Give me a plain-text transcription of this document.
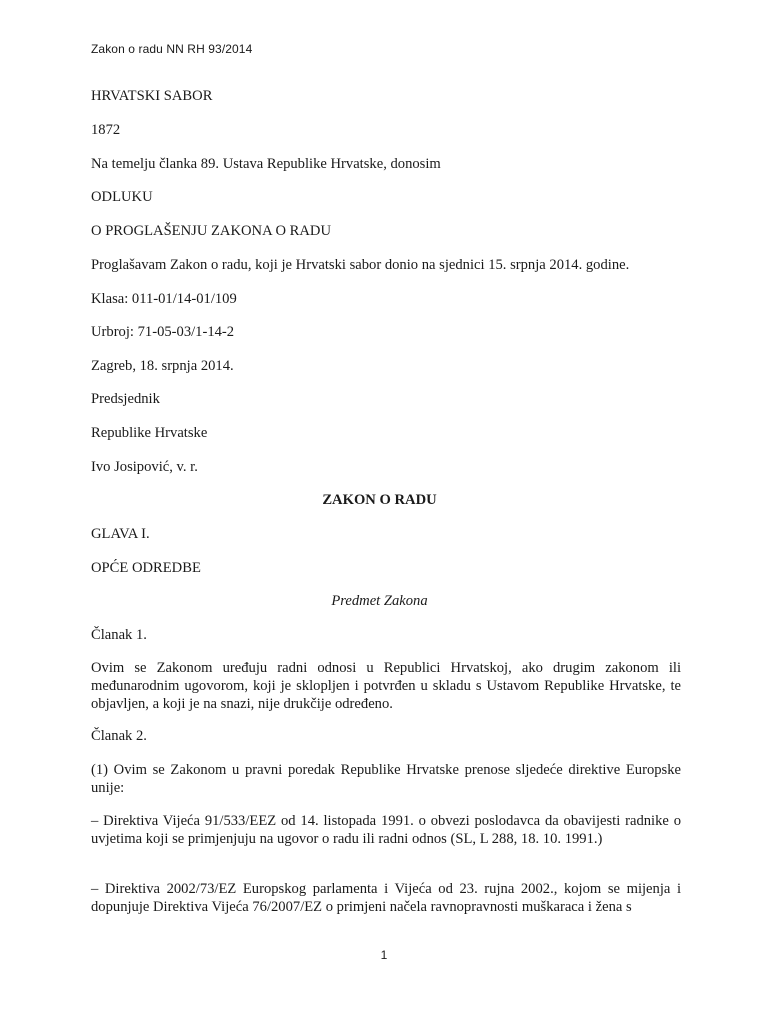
Zakon o radu NN RH 93/2014
HRVATSKI SABOR
1872
Na temelju članka 89. Ustava Republike Hrvatske, donosim
ODLUKU
O PROGLAŠENJU ZAKONA O RADU
Proglašavam Zakon o radu, koji je Hrvatski sabor donio na sjednici 15. srpnja 2014. godine.
Klasa: 011-01/14-01/109
Urbroj: 71-05-03/1-14-2
Zagreb, 18. srpnja 2014.
Predsjednik
Republike Hrvatske
Ivo Josipović, v. r.
ZAKON O RADU
GLAVA I.
OPĆE ODREDBE
Predmet Zakona
Članak 1.
Ovim se Zakonom uređuju radni odnosi u Republici Hrvatskoj, ako drugim zakonom ili međunarodnim ugovorom, koji je sklopljen i potvrđen u skladu s Ustavom Republike Hrvatske, te objavljen, a koji je na snazi, nije drukčije određeno.
Članak 2.
(1) Ovim se Zakonom u pravni poredak Republike Hrvatske prenose sljedeće direktive Europske unije:
– Direktiva Vijeća 91/533/EEZ od 14. listopada 1991. o obvezi poslodavca da obavijesti radnike o uvjetima koji se primjenjuju na ugovor o radu ili radni odnos (SL, L 288, 18. 10. 1991.)
– Direktiva 2002/73/EZ Europskog parlamenta i Vijeća od 23. rujna 2002., kojom se mijenja i dopunjuje Direktiva Vijeća 76/2007/EZ o primjeni načela ravnopravnosti muškaraca i žena s
1
